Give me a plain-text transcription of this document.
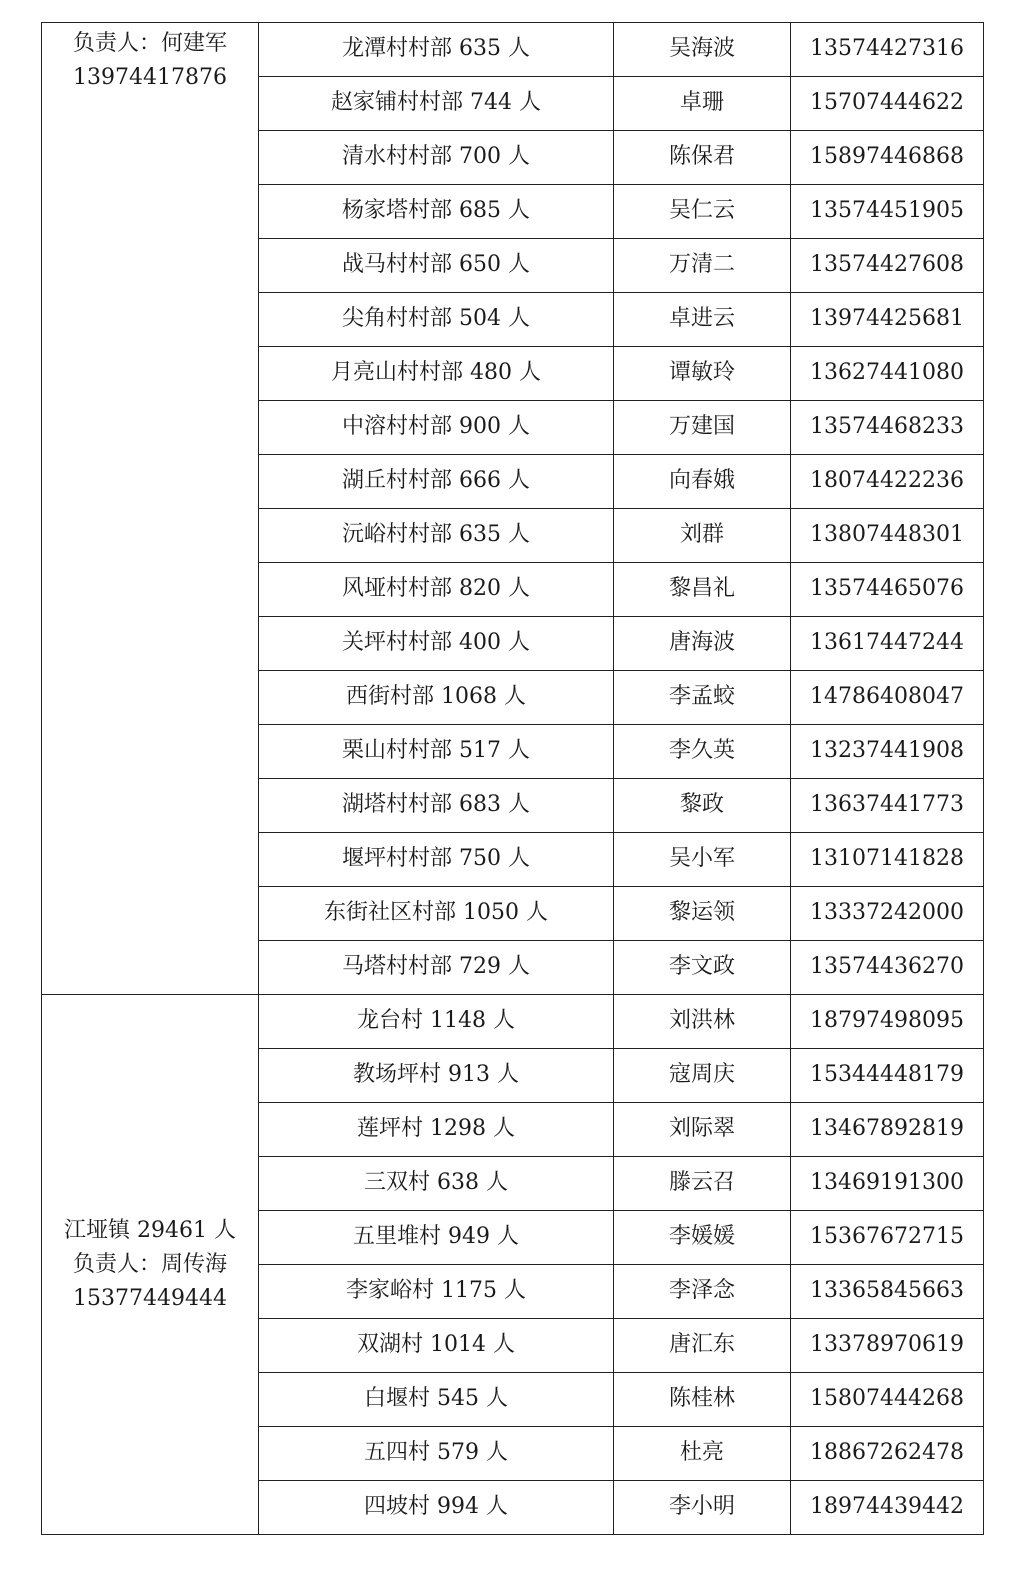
负责人：何建军
13974417876	龙潭村村部 635 人	吴海波	13574427316
	赵家铺村村部 744 人	卓珊	15707444622
	清水村村部 700 人	陈保君	15897446868
	杨家塔村部 685 人	吴仁云	13574451905
	战马村村部 650 人	万清二	13574427608
	尖角村村部 504 人	卓进云	13974425681
	月亮山村村部 480 人	谭敏玲	13627441080
	中溶村村部 900 人	万建国	13574468233
	湖丘村村部 666 人	向春娥	18074422236
	沅峪村村部 635 人	刘群	13807448301
	风垭村村部 820 人	黎昌礼	13574465076
	关坪村村部 400 人	唐海波	13617447244
	西街村部 1068 人	李孟蛟	14786408047
	栗山村村部 517 人	李久英	13237441908
	湖塔村村部 683 人	黎政	13637441773
	堰坪村村部 750 人	吴小军	13107141828
	东街社区村部 1050 人	黎运领	13337242000
	马塔村村部 729 人	李文政	13574436270

江垭镇 29461 人
负责人：周传海
15377449444	龙台村 1148 人	刘洪林	18797498095
	教场坪村 913 人	寇周庆	15344448179
	莲坪村 1298 人	刘际翠	13467892819
	三双村 638 人	滕云召	13469191300
	五里堆村 949 人	李媛媛	15367672715
	李家峪村 1175 人	李泽念	13365845663
	双湖村 1014 人	唐汇东	13378970619
	白堰村 545 人	陈桂林	15807444268
	五四村 579 人	杜亮	18867262478
	四坡村 994 人	李小明	18974439442
